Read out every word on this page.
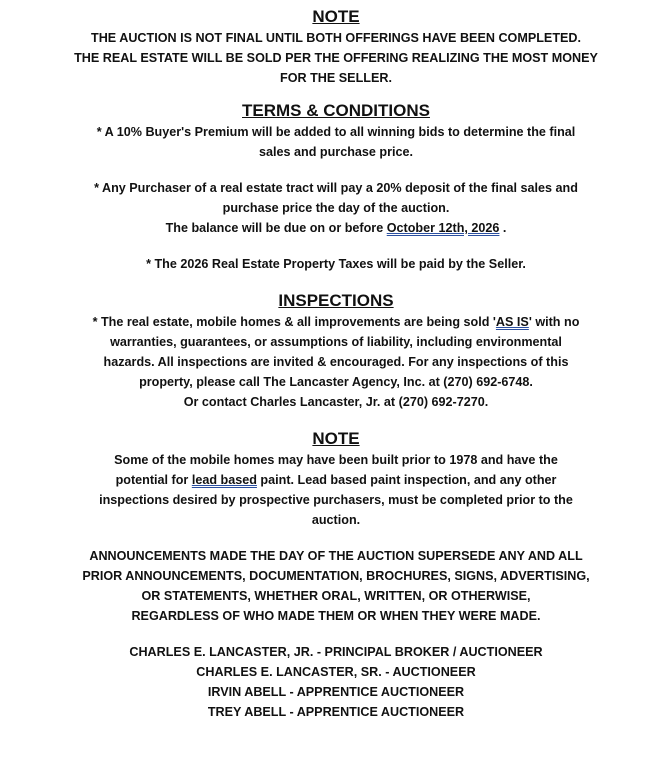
NOTE

THE AUCTION IS NOT FINAL UNTIL BOTH OFFERINGS HAVE BEEN COMPLETED.

THE REAL ESTATE WILL BE SOLD PER THE OFFERING REALIZING THE MOST MONEY

FOR THE SELLER.

TERMS & CONDITIONS

* A 10% Buyer's Premium will be added to all winning bids to determine the final

sales and purchase price.

* Any Purchaser of a real estate tract will pay a 20% deposit of the final sales and

purchase price the day of the auction.

The balance will be due on or before October 12th, 2026 .

* The 2026 Real Estate Property Taxes will be paid by the Seller.

INSPECTIONS

* The real estate, mobile homes & all improvements are being sold 'AS IS' with no

warranties, guarantees, or assumptions of liability, including environmental

hazards. All inspections are invited & encouraged. For any inspections of this

property, please call The Lancaster Agency, Inc. at (270) 692-6748.

Or contact Charles Lancaster, Jr. at (270) 692-7270.

NOTE

Some of the mobile homes may have been built prior to 1978 and have the

potential for lead based paint. Lead based paint inspection, and any other

inspections desired by prospective purchasers, must be completed prior to the

auction.

ANNOUNCEMENTS MADE THE DAY OF THE AUCTION SUPERSEDE ANY AND ALL

PRIOR ANNOUNCEMENTS, DOCUMENTATION, BROCHURES, SIGNS, ADVERTISING,

OR STATEMENTS, WHETHER ORAL, WRITTEN, OR OTHERWISE,

REGARDLESS OF WHO MADE THEM OR WHEN THEY WERE MADE.

CHARLES E. LANCASTER, JR. - PRINCIPAL BROKER / AUCTIONEER

CHARLES E. LANCASTER, SR. - AUCTIONEER

IRVIN ABELL - APPRENTICE AUCTIONEER

TREY ABELL - APPRENTICE AUCTIONEER
